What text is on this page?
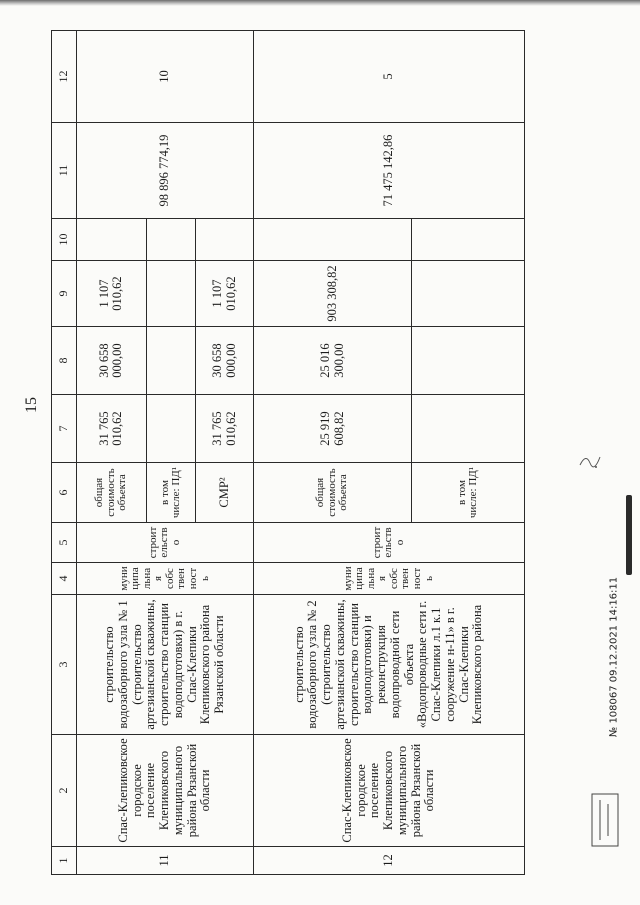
15
1	2	3	4	5	6	7	8	9	10	11	12
11	Спас-Клепиковское городское поселение Клепиковского муниципального района Рязанской области	строительство водозаборного узла № 1 (строительство артезианской скважины, строительство станции водоподготовки) в г. Спас-Клепики Клепиковского района Рязанской области	муниципальная собственность	строительство	общая стоимость объекта	31 765 010,62	30 658 000,00	1 107 010,62		98 896 774,19	10
					в том числе: ПД¹						
					СМР²	31 765 010,62	30 658 000,00	1 107 010,62			
12	Спас-Клепиковское городское поселение Клепиковского муниципального района Рязанской области	строительство водозаборного узла № 2 (строительство артезианской скважины, строительство станции водоподготовки) и реконструкция водопроводной сети объекта «Водопроводные сети г. Спас-Клепики л.1 к.1 сооружение н-11» в г. Спас-Клепики Клепиковского района	муниципальная собственность	строительство	общая стоимость объекта	25 919 608,82	25 016 300,00	903 308,82		71 475 142,86	5
					в том числе: ПД¹						
№ 108067 09.12.2021 14:16:11
